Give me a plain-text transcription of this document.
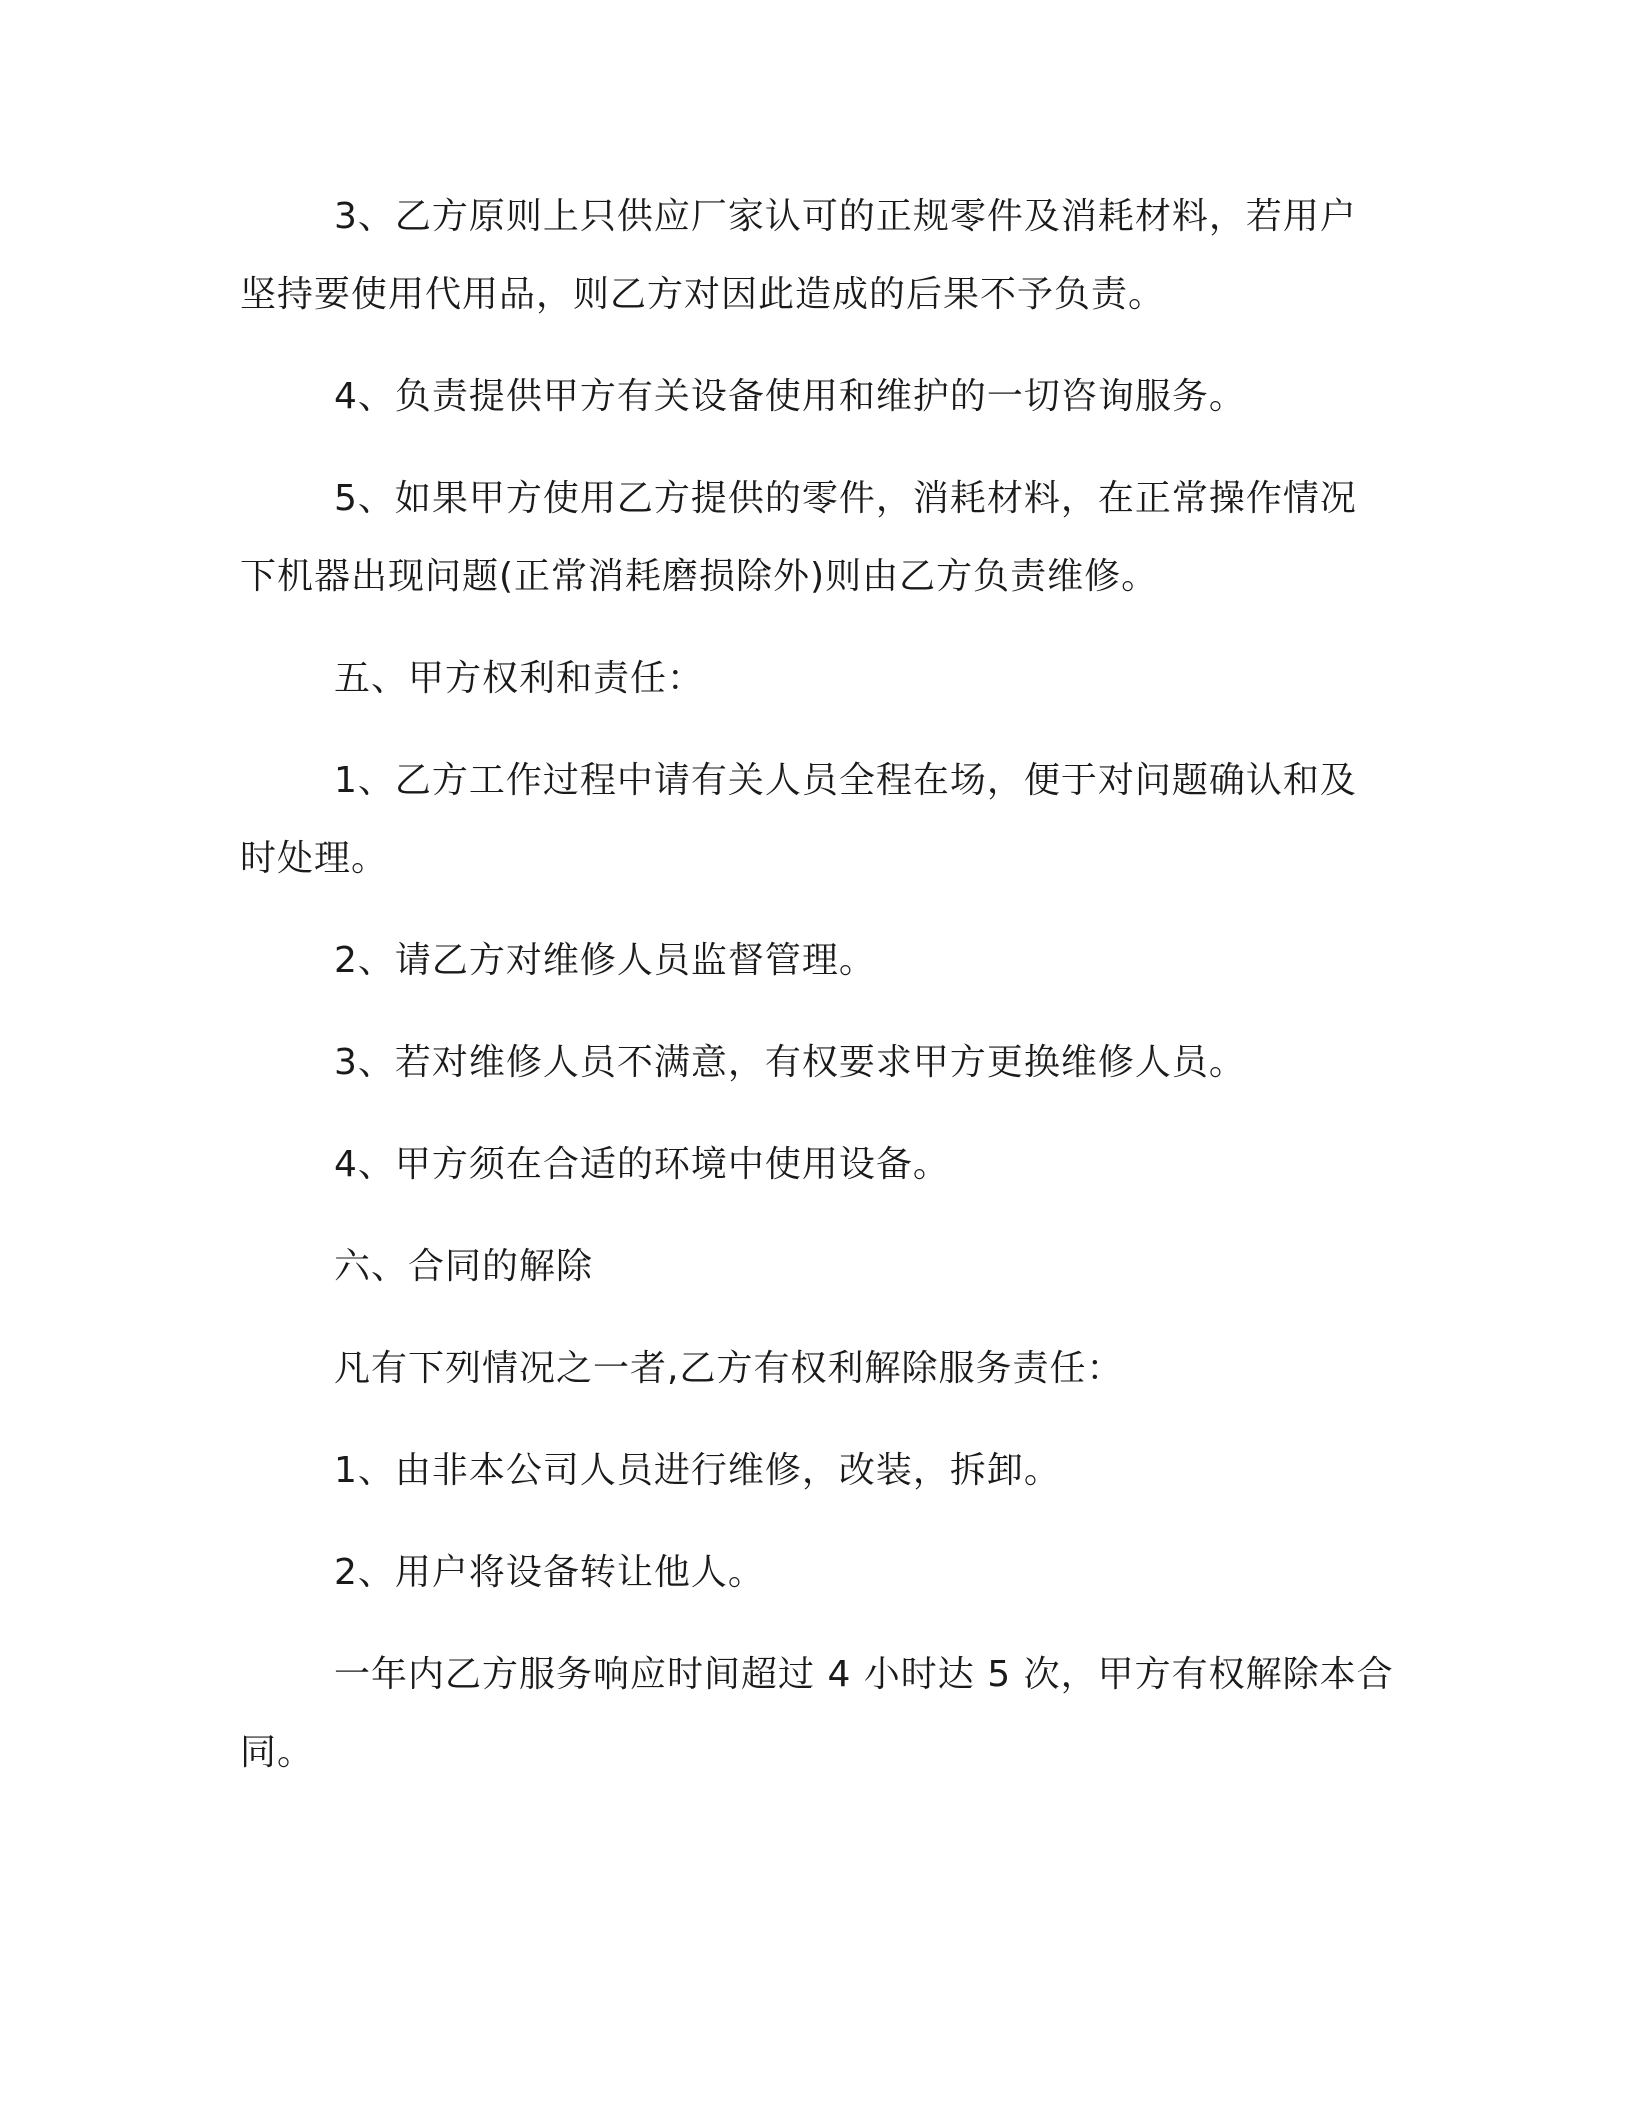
3、乙方原则上只供应厂家认可的正规零件及消耗材料，若用户
坚持要使用代用品，则乙方对因此造成的后果不予负责。
4、负责提供甲方有关设备使用和维护的一切咨询服务。
5、如果甲方使用乙方提供的零件，消耗材料，在正常操作情况
下机器出现问题(正常消耗磨损除外)则由乙方负责维修。
五、甲方权利和责任：
1、乙方工作过程中请有关人员全程在场，便于对问题确认和及
时处理。
2、请乙方对维修人员监督管理。
3、若对维修人员不满意，有权要求甲方更换维修人员。
4、甲方须在合适的环境中使用设备。
六、合同的解除
凡有下列情况之一者,乙方有权利解除服务责任：
1、由非本公司人员进行维修，改装，拆卸。
2、用户将设备转让他人。
一年内乙方服务响应时间超过 4 小时达 5 次，甲方有权解除本合
同。
